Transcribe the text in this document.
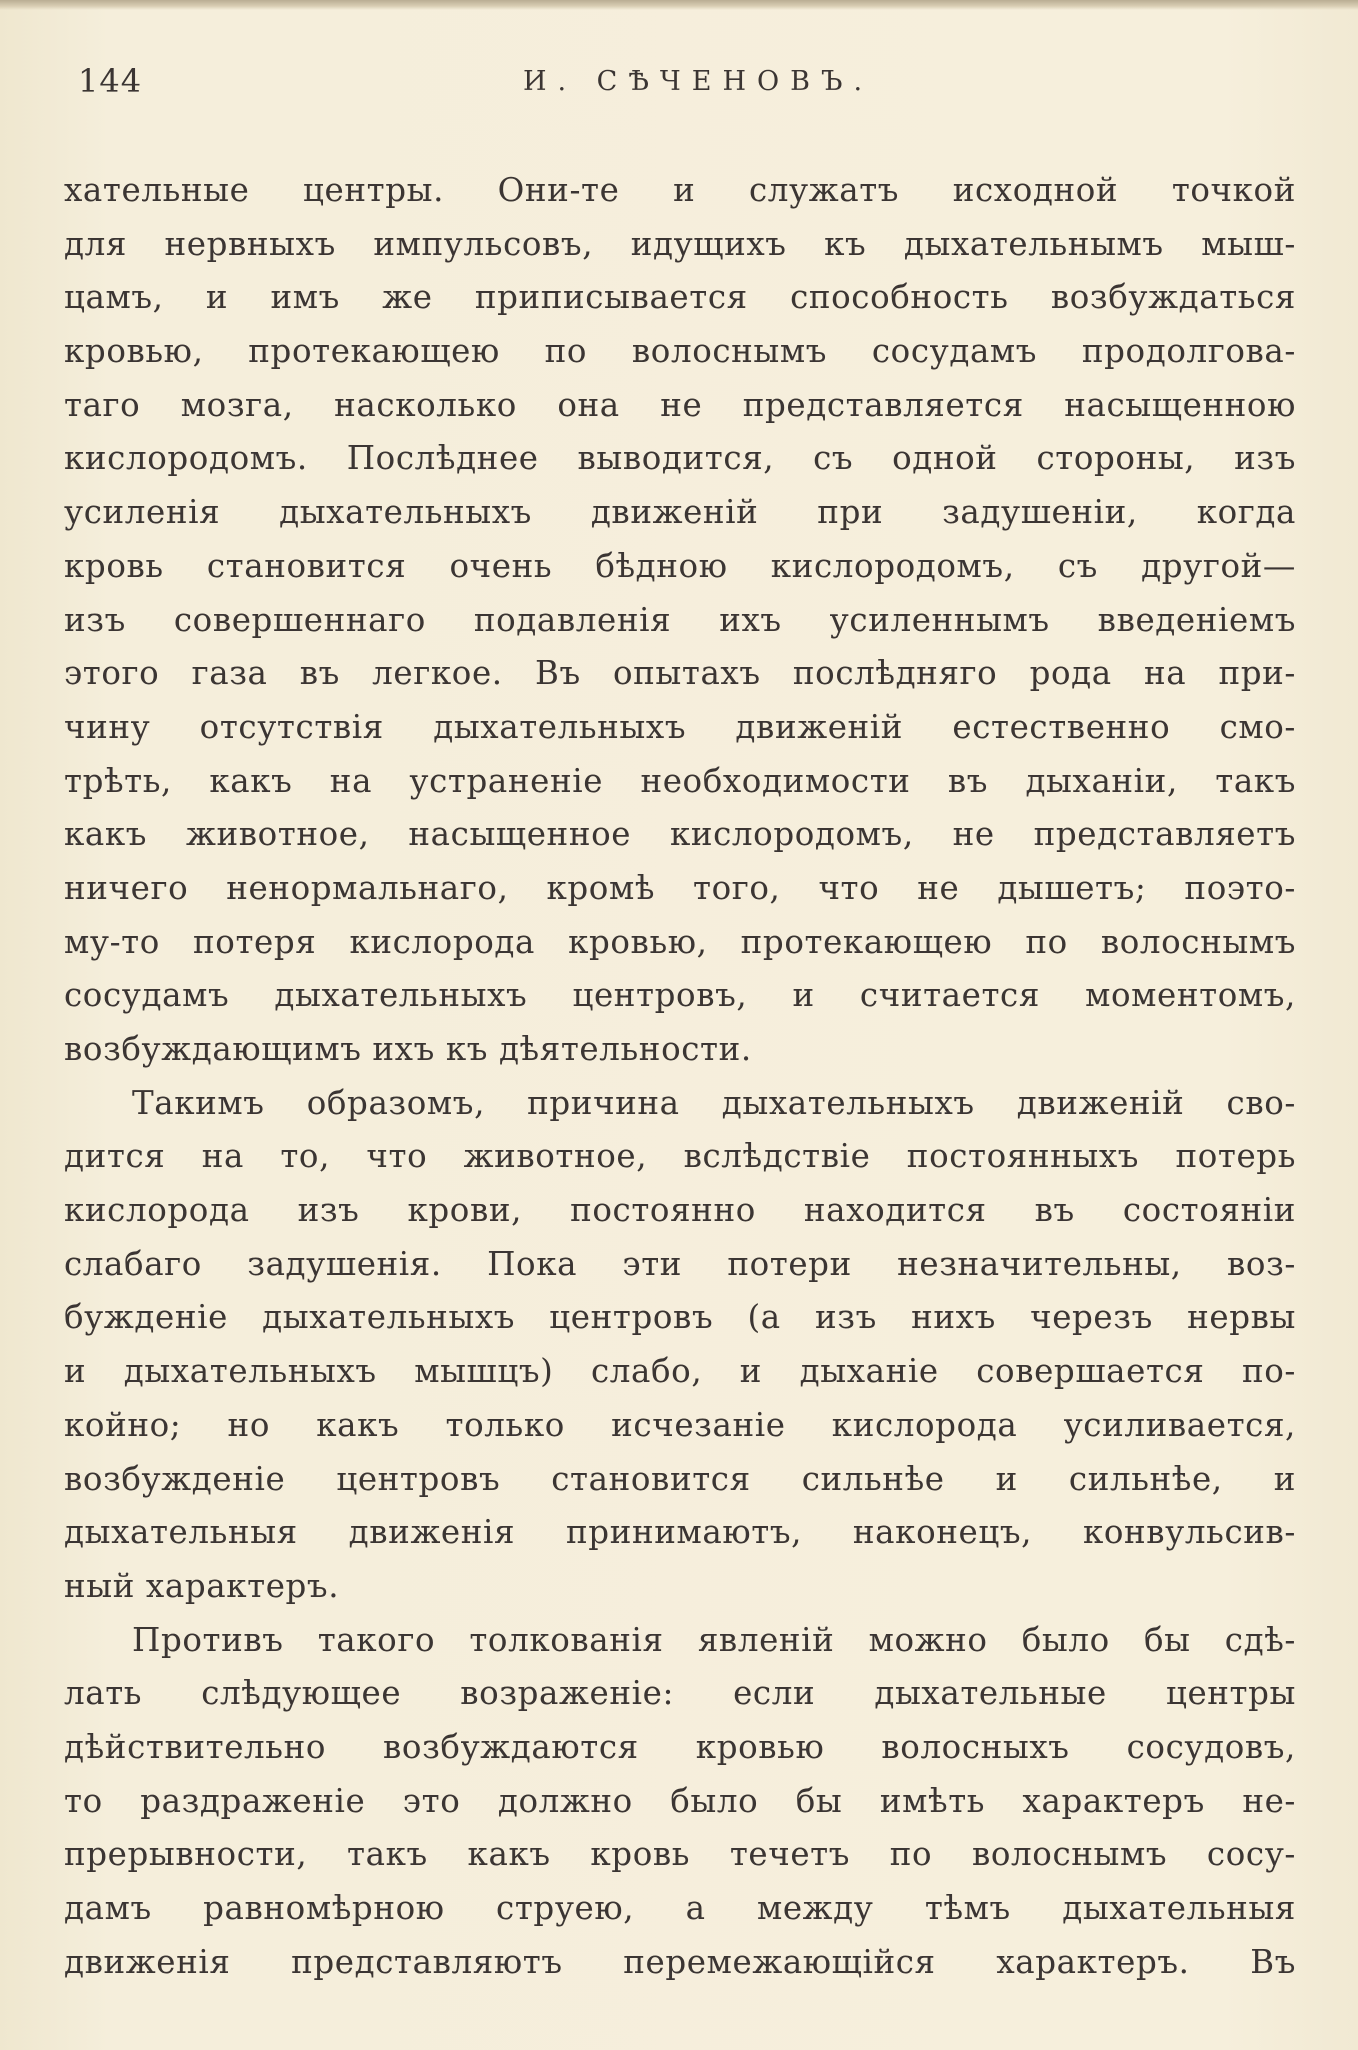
144	И. СѢЧЕНОВЪ.
хательные центры. Они-те и служатъ исходной точкой
для нервныхъ импульсовъ, идущихъ къ дыхательнымъ мыш-
цамъ, и имъ же приписывается способность возбуждаться
кровью, протекающею по волоснымъ сосудамъ продолгова-
таго мозга, насколько она не представляется насыщенною
кислородомъ. Послѣднее выводится, съ одной стороны, изъ
усиленія дыхательныхъ движеній при задушеніи, когда
кровь становится очень бѣдною кислородомъ, съ другой—
изъ совершеннаго подавленія ихъ усиленнымъ введеніемъ
этого газа въ легкое. Въ опытахъ послѣдняго рода на при-
чину отсутствія дыхательныхъ движеній естественно смо-
трѣть, какъ на устраненіе необходимости въ дыханіи, такъ
какъ животное, насыщенное кислородомъ, не представляетъ
ничего ненормальнаго, кромѣ того, что не дышетъ; поэто-
му-то потеря кислорода кровью, протекающею по волоснымъ
сосудамъ дыхательныхъ центровъ, и считается моментомъ,
возбуждающимъ ихъ къ дѣятельности.
Такимъ образомъ, причина дыхательныхъ движеній сво-
дится на то, что животное, вслѣдствіе постоянныхъ потерь
кислорода изъ крови, постоянно находится въ состояніи
слабаго задушенія. Пока эти потери незначительны, воз-
бужденіе дыхательныхъ центровъ (а изъ нихъ черезъ нервы
и дыхательныхъ мышцъ) слабо, и дыханіе совершается по-
койно; но какъ только исчезаніе кислорода усиливается,
возбужденіе центровъ становится сильнѣе и сильнѣе, и
дыхательныя движенія принимаютъ, наконецъ, конвульсив-
ный характеръ.
Противъ такого толкованія явленій можно было бы сдѣ-
лать слѣдующее возраженіе: если дыхательные центры
дѣйствительно возбуждаются кровью волосныхъ сосудовъ,
то раздраженіе это должно было бы имѣть характеръ не-
прерывности, такъ какъ кровь течетъ по волоснымъ сосу-
дамъ равномѣрною струею, а между тѣмъ дыхательныя
движенія представляютъ перемежающійся характеръ. Въ
